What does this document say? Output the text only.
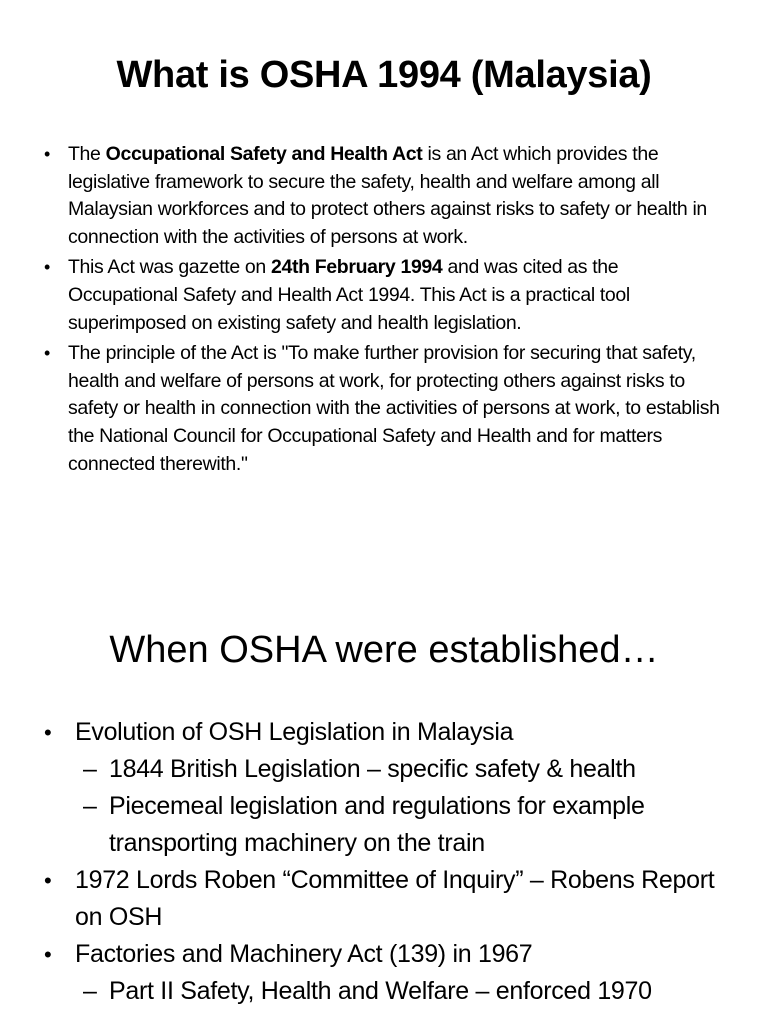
What is OSHA 1994 (Malaysia)
• The Occupational Safety and Health Act is an Act which provides the legislative framework to secure the safety, health and welfare among all Malaysian workforces and to protect others against risks to safety or health in connection with the activities of persons at work.
• This Act was gazette on 24th February 1994 and was cited as the Occupational Safety and Health Act 1994. This Act is a practical tool superimposed on existing safety and health legislation.
• The principle of the Act is "To make further provision for securing that safety, health and welfare of persons at work, for protecting others against risks to safety or health in connection with the activities of persons at work, to establish the National Council for Occupational Safety and Health and for matters connected therewith."
When OSHA were established…
• Evolution of OSH Legislation in Malaysia
– 1844 British Legislation – specific safety & health
– Piecemeal legislation and regulations for example transporting machinery on the train
• 1972 Lords Roben “Committee of Inquiry” – Robens Report on OSH
• Factories and Machinery Act (139) in 1967
– Part II Safety, Health and Welfare – enforced 1970
